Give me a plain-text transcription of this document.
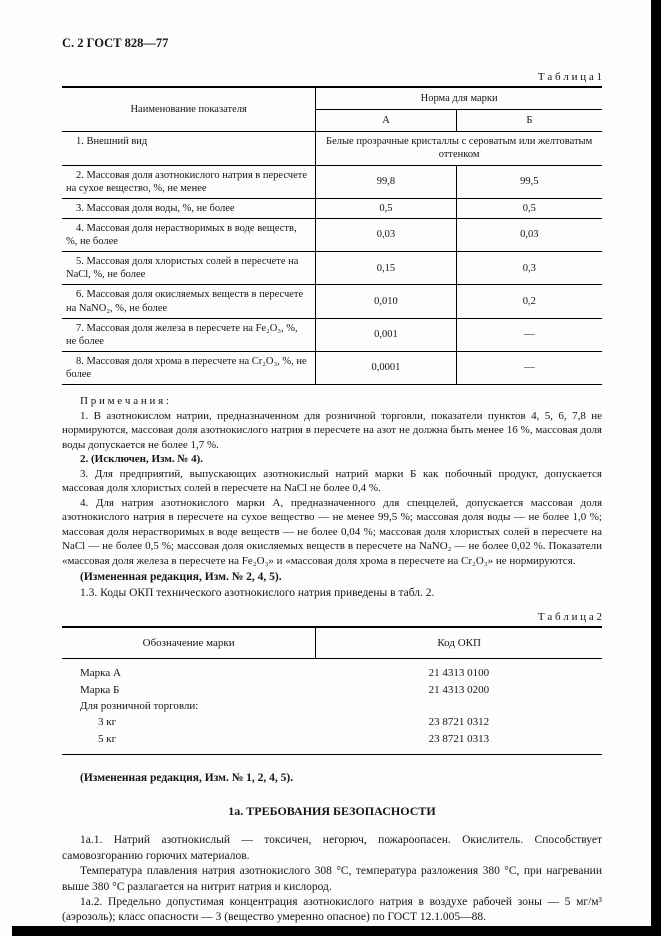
С. 2 ГОСТ 828—77
Т а б л и ц а 1
Наименование показателя	Норма для марки	
	А	Б
1. Внешний вид	Белые прозрачные кристаллы с сероватым или желтоватым оттенком	
2. Массовая доля азотнокислого натрия в пересчете на сухое вещество, %, не менее	99,8	99,5
3. Массовая доля воды, %, не более	0,5	0,5
4. Массовая доля нерастворимых в воде веществ, %, не более	0,03	0,03
5. Массовая доля хлористых солей в пересчете на NaCl, %, не более	0,15	0,3
6. Массовая доля окисляемых веществ в пересчете на NaNO₂, %, не более	0,010	0,2
7. Массовая доля железа в пересчете на Fe₂O₃, %, не более	0,001	—
8. Массовая доля хрома в пересчете на Cr₂O₃, %, не более	0,0001	—

П р и м е ч а н и я :

1. В азотнокислом натрии, предназначенном для розничной торговли, показатели пунктов 4, 5, 6, 7,8 не нормируются, массовая доля азотнокислого натрия в пересчете на азот не должна быть менее 16 %, массовая доля воды допускается не более 1,7 %.

2. (Исключен, Изм. № 4).

3. Для предприятий, выпускающих азотнокислый натрий марки Б как побочный продукт, допускается массовая доля хлористых солей в пересчете на NaCl не более 0,4 %.

4. Для натрия азотнокислого марки А, предназначенного для спеццелей, допускается массовая доля азотнокислого натрия в пересчете на сухое вещество — не менее 99,5 %; массовая доля воды — не более 1,0 %; массовая доля нерастворимых в воде веществ — не более 0,04 %; массовая доля хлористых солей в пересчете на NaCl — не более 0,5 %; массовая доля окисляемых веществ в пересчете на NaNO₂ — не более 0,02 %. Показатели «массовая доля железа в пересчете на Fe₂O₃» и «массовая доля хрома в пересчете на Cr₂O₃» не нормируются.

(Измененная редакция, Изм. № 2, 4, 5).

1.3. Коды ОКП технического азотнокислого натрия приведены в табл. 2.

Т а б л и ц а 2
Обозначение марки	Код ОКП
Марка А	21 4313 0100
Марка Б	21 4313 0200
Для розничной торговли:	
3 кг	23 8721 0312
5 кг	23 8721 0313

(Измененная редакция, Изм. № 1, 2, 4, 5).

1а. ТРЕБОВАНИЯ БЕЗОПАСНОСТИ

1а.1. Натрий азотнокислый — токсичен, негорюч, пожароопасен. Окислитель. Способствует самовозгоранию горючих материалов.

Температура плавления натрия азотнокислого 308 °С, температура разложения 380 °С, при нагревании выше 380 °С разлагается на нитрит натрия и кислород.

1а.2. Предельно допустимая концентрация азотнокислого натрия в воздухе рабочей зоны — 5 мг/м³ (аэрозоль); класс опасности — 3 (вещество умеренно опасное) по ГОСТ 12.1.005—88.
